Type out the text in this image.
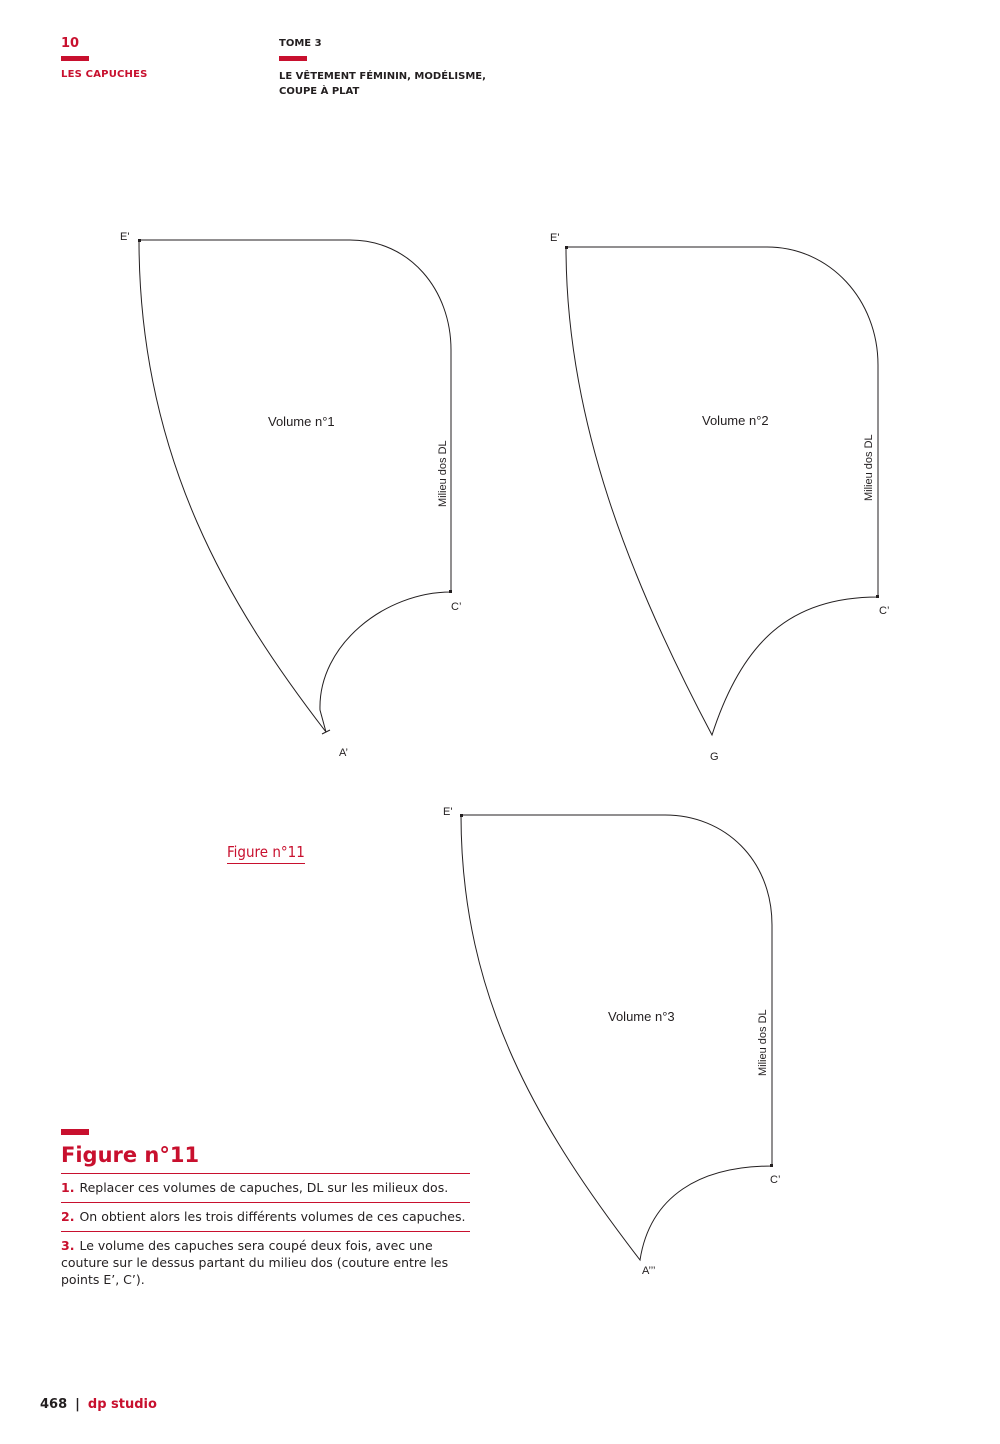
10
LES CAPUCHES
TOME 3
LE VÊTEMENT FÉMININ, MODÉLISME,
COUPE À PLAT
E'
C’
A’
Volume n°1
Milieu dos DL
E'
C’
G
Volume n°2
Milieu dos DL
E'
C’
A’’’
Volume n°3	Milieu dos DL
Figure n°11
Figure n°11
1. Replacer ces volumes de capuches, DL sur les milieux dos.
2. On obtient alors les trois différents volumes de ces capuches.
3. Le volume des capuches sera coupé deux fois, avec une couture sur le dessus partant du milieu dos (couture entre les points E’, C’).
468 | dp studio
